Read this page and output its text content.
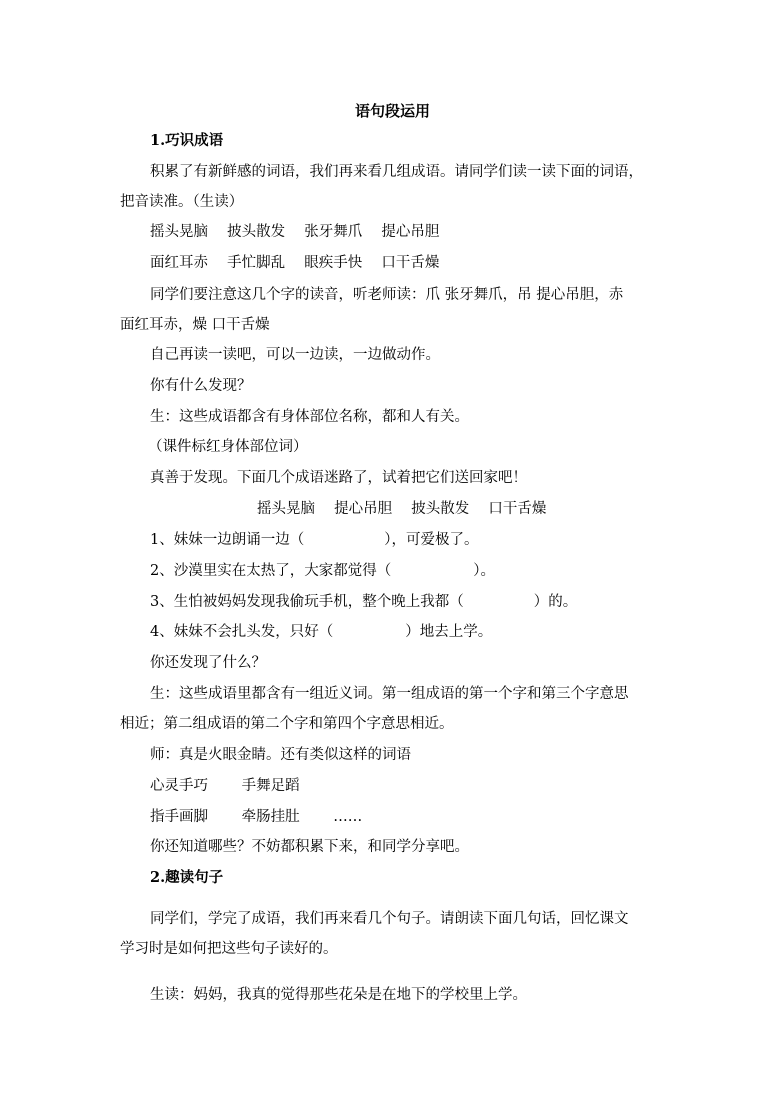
语句段运用
1.巧识成语
积累了有新鲜感的词语，我们再来看几组成语。请同学们读一读下面的词语，
把音读准。（生读）
摇头晃脑　 披头散发　 张牙舞爪　 提心吊胆
面红耳赤　 手忙脚乱　 眼疾手快　 口干舌燥
同学们要注意这几个字的读音，听老师读：爪 张牙舞爪，吊 提心吊胆，赤
面红耳赤，燥 口干舌燥
自己再读一读吧，可以一边读，一边做动作。
你有什么发现？
生：这些成语都含有身体部位名称，都和人有关。
（课件标红身体部位词）
真善于发现。下面几个成语迷路了，试着把它们送回家吧！
摇头晃脑　 提心吊胆　 披头散发　 口干舌燥
1、妹妹一边朗诵一边（	），可爱极了。
2、沙漠里实在太热了，大家都觉得（	）。
3、生怕被妈妈发现我偷玩手机，整个晚上我都（	）的。
4、妹妹不会扎头发，只好（	）地去上学。
你还发现了什么？
生：这些成语里都含有一组近义词。第一组成语的第一个字和第三个字意思
相近；第二组成语的第二个字和第四个字意思相近。
师：真是火眼金睛。还有类似这样的词语
心灵手巧　　 手舞足蹈
指手画脚　　 牵肠挂肚　　 ……
你还知道哪些？不妨都积累下来，和同学分享吧。
2.趣读句子
同学们，学完了成语，我们再来看几个句子。请朗读下面几句话，回忆课文
学习时是如何把这些句子读好的。
生读：妈妈，我真的觉得那些花朵是在地下的学校里上学。
